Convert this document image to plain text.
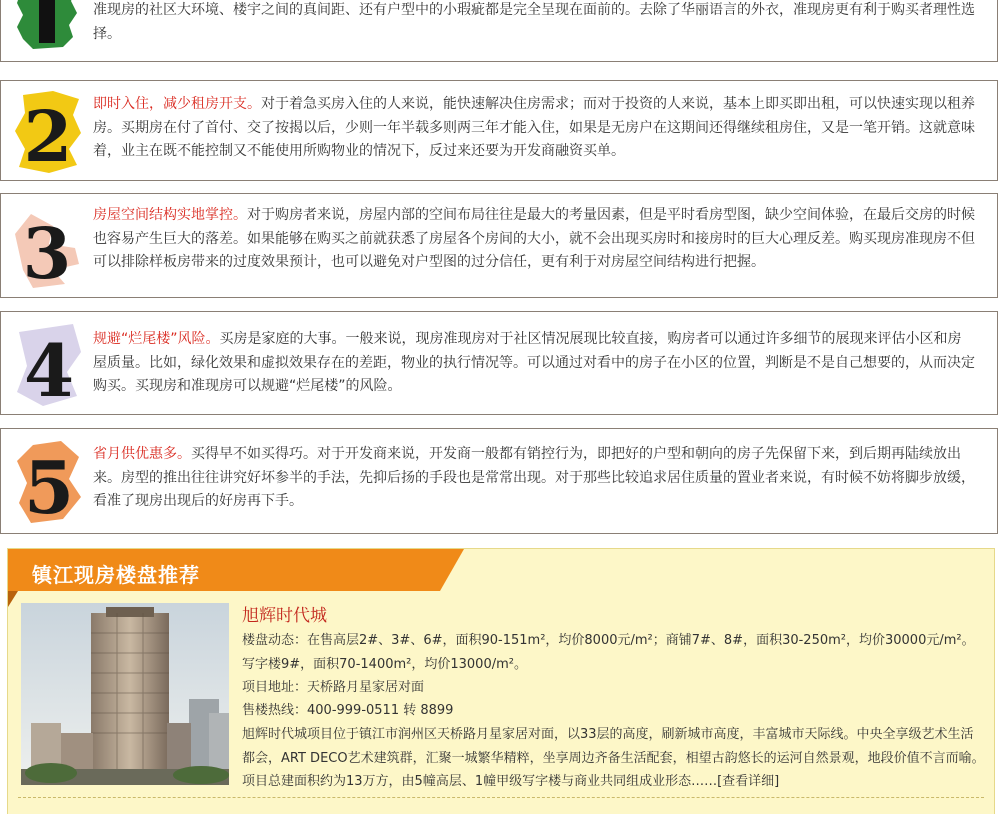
准现房的社区大环境、楼宇之间的真间距、还有户型中的小瑕疵都是完全呈现在面前的。去除了华丽语言的外衣，准现房更有利于购买者理性选择。
2 即时入住，减少租房开支。对于着急买房入住的人来说，能快速解决住房需求；而对于投资的人来说，基本上即买即出租，可以快速实现以租养房。买期房在付了首付、交了按揭以后，少则一年半载多则两三年才能入住，如果是无房户在这期间还得继续租房住，又是一笔开销。这就意味着，业主在既不能控制又不能使用所购物业的情况下，反过来还要为开发商融资买单。
3 房屋空间结构实地掌控。对于购房者来说，房屋内部的空间布局往往是最大的考量因素，但是平时看房型图，缺少空间体验，在最后交房的时候也容易产生巨大的落差。如果能够在购买之前就获悉了房屋各个房间的大小，就不会出现买房时和接房时的巨大心理反差。购买现房准现房不但可以排除样板房带来的过度效果预计，也可以避免对户型图的过分信任，更有利于对房屋空间结构进行把握。
4 规避“烂尾楼”风险。买房是家庭的大事。一般来说，现房准现房对于社区情况展现比较直接，购房者可以通过许多细节的展现来评估小区和房屋质量。比如，绿化效果和虚拟效果存在的差距，物业的执行情况等。可以通过对看中的房子在小区的位置，判断是不是自己想要的，从而决定购买。买现房和准现房可以规避“烂尾楼”的风险。
5 省月供优惠多。买得早不如买得巧。对于开发商来说，开发商一般都有销控行为，即把好的户型和朝向的房子先保留下来，到后期再陆续放出来。房型的推出往往讲究好坏参半的手法，先抑后扬的手段也是常常出现。对于那些比较追求居住质量的置业者来说，有时候不妨将脚步放缓，看准了现房出现后的好房再下手。
镇江现房楼盘推荐
旭辉时代城
楼盘动态：在售高层2#、3#、6#，面积90-151m²，均价8000元/m²；商铺7#、8#，面积30-250m²，均价30000元/m²。 写字楼9#，面积70-1400m²，均价13000/m²。
项目地址：天桥路月星家居对面
售楼热线：400-999-0511 转 8899
旭辉时代城项目位于镇江市润州区天桥路月星家居对面，以33层的高度，刷新城市高度，丰富城市天际线。中央全享级艺术生活都会，ART DECO艺术建筑群，汇聚一城繁华精粹，坐享周边齐备生活配套，相望古韵悠长的运河自然景观，地段价值不言而喻。项目总建面积约为13万方，由5幢高层、1幢甲级写字楼与商业共同组成业形态……[查看详细]
